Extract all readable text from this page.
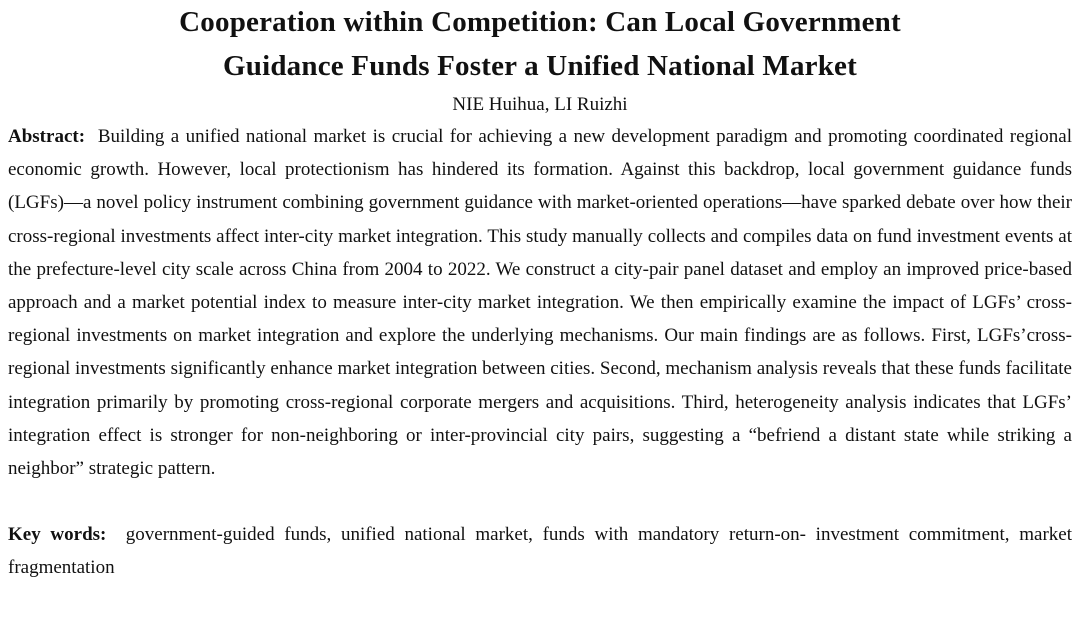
Cooperation within Competition: Can Local Government
Guidance Funds Foster a Unified National Market
NIE Huihua, LI Ruizhi

Abstract: Building a unified national market is crucial for achieving a new development paradigm and promoting coordinated regional economic growth. However, local protectionism has hindered its formation. Against this backdrop, local government guidance funds (LGFs)—a novel policy instrument combining government guidance with market-oriented operations—have sparked debate over how their cross-regional investments affect inter-city market integration. This study manually collects and compiles data on fund investment events at the prefecture-level city scale across China from 2004 to 2022. We construct a city-pair panel dataset and employ an improved price-based approach and a market potential index to measure inter-city market integration. We then empirically examine the impact of LGFs’ cross-regional investments on market integration and explore the underlying mechanisms. Our main findings are as follows. First, LGFs’cross-regional investments significantly enhance market integration between cities. Second, mechanism analysis reveals that these funds facilitate integration primarily by promoting cross-regional corporate mergers and acquisitions. Third, heterogeneity analysis indicates that LGFs’ integration effect is stronger for non-neighboring or inter-provincial city pairs, suggesting a “befriend a distant state while striking a neighbor” strategic pattern.

Key words: government-guided funds, unified national market, funds with mandatory return-on- investment commitment, market fragmentation
